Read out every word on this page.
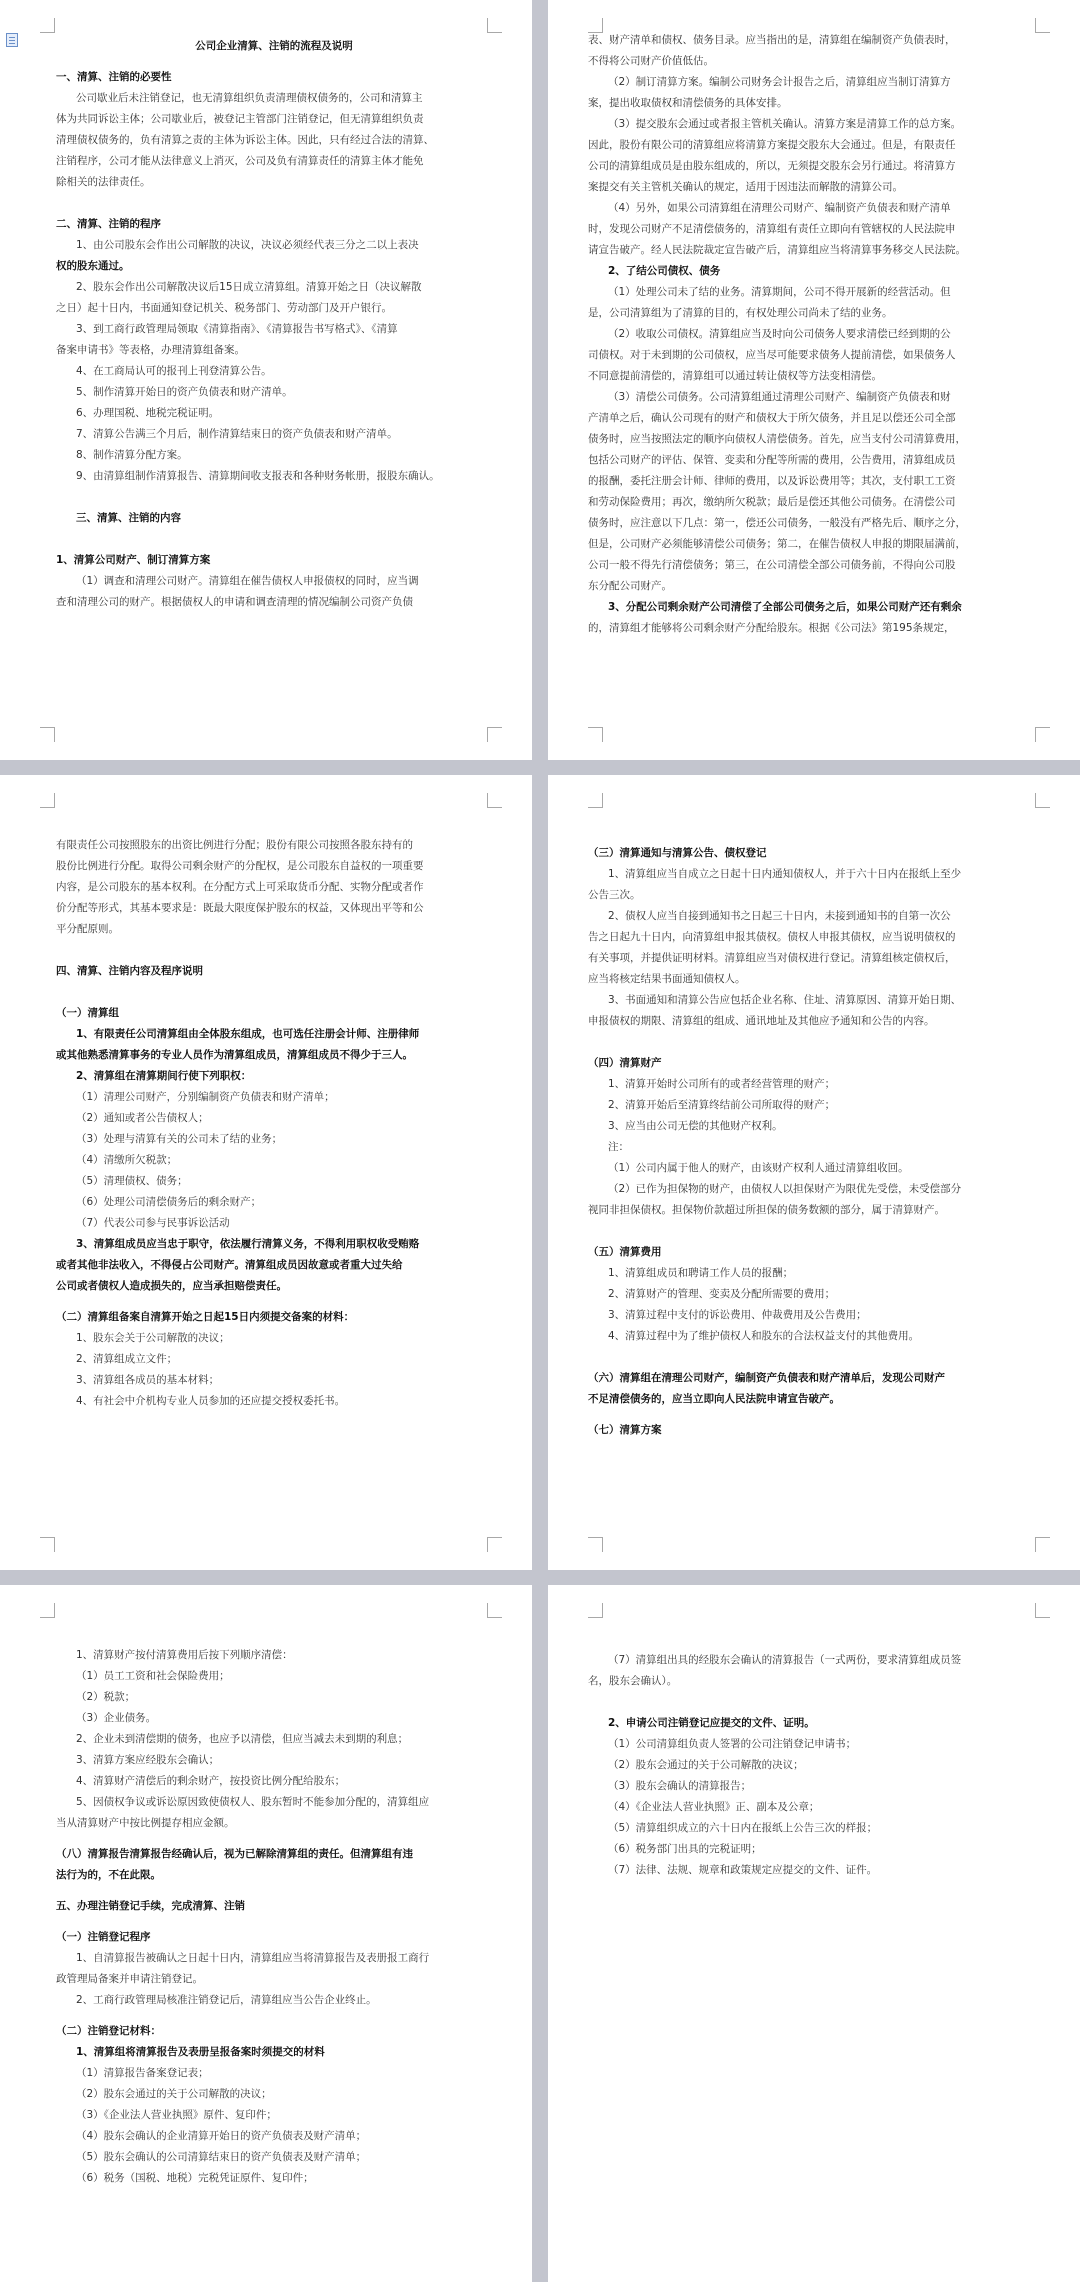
公司企业清算、注销的流程及说明
一、清算、注销的必要性
公司歇业后未注销登记，也无清算组织负责清理债权债务的，公司和清算主
体为共同诉讼主体；公司歇业后，被登记主管部门注销登记，但无清算组织负责
清理债权债务的，负有清算之责的主体为诉讼主体。因此，只有经过合法的清算、
注销程序，公司才能从法律意义上消灭，公司及负有清算责任的清算主体才能免
除相关的法律责任。
二、清算、注销的程序
1、由公司股东会作出公司解散的决议，决议必须经代表三分之二以上表决
权的股东通过。
2、股东会作出公司解散决议后15日成立清算组。清算开始之日（决议解散
之日）起十日内，书面通知登记机关、税务部门、劳动部门及开户银行。
3、到工商行政管理局领取《清算指南》、《清算报告书写格式》、《清算
备案申请书》等表格，办理清算组备案。
4、在工商局认可的报刊上刊登清算公告。
5、制作清算开始日的资产负债表和财产清单。
6、办理国税、地税完税证明。
7、清算公告满三个月后，制作清算结束日的资产负债表和财产清单。
8、制作清算分配方案。
9、由清算组制作清算报告、清算期间收支报表和各种财务帐册，报股东确认。
三、清算、注销的内容
1、清算公司财产、制订清算方案
（1）调查和清理公司财产。清算组在催告债权人申报债权的同时，应当调
查和清理公司的财产。根据债权人的申请和调查清理的情况编制公司资产负债
表、财产清单和债权、债务目录。应当指出的是，清算组在编制资产负债表时，
不得将公司财产价值低估。
（2）制订清算方案。编制公司财务会计报告之后，清算组应当制订清算方
案，提出收取债权和清偿债务的具体安排。
（3）提交股东会通过或者报主管机关确认。清算方案是清算工作的总方案。
因此，股份有限公司的清算组应将清算方案提交股东大会通过。但是，有限责任
公司的清算组成员是由股东组成的，所以，无须提交股东会另行通过。将清算方
案提交有关主管机关确认的规定，适用于因违法而解散的清算公司。
（4）另外，如果公司清算组在清理公司财产、编制资产负债表和财产清单
时，发现公司财产不足清偿债务的，清算组有责任立即向有管辖权的人民法院申
请宣告破产。经人民法院裁定宣告破产后，清算组应当将清算事务移交人民法院。
2、了结公司债权、债务
（1）处理公司未了结的业务。清算期间，公司不得开展新的经营活动。但
是，公司清算组为了清算的目的，有权处理公司尚未了结的业务。
（2）收取公司债权。清算组应当及时向公司债务人要求清偿已经到期的公
司债权。对于未到期的公司债权，应当尽可能要求债务人提前清偿，如果债务人
不同意提前清偿的，清算组可以通过转让债权等方法变相清偿。
（3）清偿公司债务。公司清算组通过清理公司财产、编制资产负债表和财
产清单之后，确认公司现有的财产和债权大于所欠债务，并且足以偿还公司全部
债务时，应当按照法定的顺序向债权人清偿债务。首先，应当支付公司清算费用，
包括公司财产的评估、保管、变卖和分配等所需的费用，公告费用，清算组成员
的报酬，委托注册会计师、律师的费用，以及诉讼费用等；其次，支付职工工资
和劳动保险费用；再次，缴纳所欠税款；最后是偿还其他公司债务。在清偿公司
债务时，应注意以下几点：第一，偿还公司债务，一般没有严格先后、顺序之分，
但是，公司财产必须能够清偿公司债务；第二，在催告债权人申报的期限届满前，
公司一般不得先行清偿债务；第三，在公司清偿全部公司债务前，不得向公司股
东分配公司财产。
3、分配公司剩余财产公司清偿了全部公司债务之后，如果公司财产还有剩余
的，清算组才能够将公司剩余财产分配给股东。根据《公司法》第195条规定，
有限责任公司按照股东的出资比例进行分配；股份有限公司按照各股东持有的
股份比例进行分配。取得公司剩余财产的分配权，是公司股东自益权的一项重要
内容，是公司股东的基本权利。在分配方式上可采取货币分配、实物分配或者作
价分配等形式，其基本要求是：既最大限度保护股东的权益，又体现出平等和公
平分配原则。
四、清算、注销内容及程序说明
（一）清算组
1、有限责任公司清算组由全体股东组成，也可选任注册会计师、注册律师
或其他熟悉清算事务的专业人员作为清算组成员，清算组成员不得少于三人。
2、清算组在清算期间行使下列职权：
（1）清理公司财产，分别编制资产负债表和财产清单；
（2）通知或者公告债权人；
（3）处理与清算有关的公司未了结的业务；
（4）清缴所欠税款；
（5）清理债权、债务；
（6）处理公司清偿债务后的剩余财产；
（7）代表公司参与民事诉讼活动
3、清算组成员应当忠于职守，依法履行清算义务，不得利用职权收受贿赂
或者其他非法收入，不得侵占公司财产。清算组成员因故意或者重大过失给
公司或者债权人造成损失的，应当承担赔偿责任。
（二）清算组备案自清算开始之日起15日内须提交备案的材料：
1、股东会关于公司解散的决议；
2、清算组成立文件；
3、清算组各成员的基本材料；
4、有社会中介机构专业人员参加的还应提交授权委托书。
（三）清算通知与清算公告、债权登记
1、清算组应当自成立之日起十日内通知债权人，并于六十日内在报纸上至少
公告三次。
2、债权人应当自接到通知书之日起三十日内，未接到通知书的自第一次公
告之日起九十日内，向清算组申报其债权。债权人申报其债权，应当说明债权的
有关事项，并提供证明材料。清算组应当对债权进行登记。清算组核定债权后，
应当将核定结果书面通知债权人。
3、书面通知和清算公告应包括企业名称、住址、清算原因、清算开始日期、
申报债权的期限、清算组的组成、通讯地址及其他应予通知和公告的内容。
（四）清算财产
1、清算开始时公司所有的或者经营管理的财产；
2、清算开始后至清算终结前公司所取得的财产；
3、应当由公司无偿的其他财产权利。
注：
（1）公司内属于他人的财产，由该财产权利人通过清算组收回。
（2）已作为担保物的财产，由债权人以担保财产为限优先受偿，未受偿部分
视同非担保债权。担保物价款超过所担保的债务数额的部分，属于清算财产。
（五）清算费用
1、清算组成员和聘请工作人员的报酬；
2、清算财产的管理、变卖及分配所需要的费用；
3、清算过程中支付的诉讼费用、仲裁费用及公告费用；
4、清算过程中为了维护债权人和股东的合法权益支付的其他费用。
（六）清算组在清理公司财产，编制资产负债表和财产清单后，发现公司财产
不足清偿债务的，应当立即向人民法院申请宣告破产。
（七）清算方案
1、清算财产按付清算费用后按下列顺序清偿：
（1）员工工资和社会保险费用；
（2）税款；
（3）企业债务。
2、企业未到清偿期的债务，也应予以清偿，但应当减去未到期的利息；
3、清算方案应经股东会确认；
4、清算财产清偿后的剩余财产，按投资比例分配给股东；
5、因债权争议或诉讼原因致使债权人、股东暂时不能参加分配的，清算组应
当从清算财产中按比例提存相应金额。
（八）清算报告清算报告经确认后，视为已解除清算组的责任。但清算组有违
法行为的，不在此限。
五、办理注销登记手续，完成清算、注销
（一）注销登记程序
1、自清算报告被确认之日起十日内，清算组应当将清算报告及表册报工商行
政管理局备案并申请注销登记。
2、工商行政管理局核准注销登记后，清算组应当公告企业终止。
（二）注销登记材料：
1、清算组将清算报告及表册呈报备案时须提交的材料
（1）清算报告备案登记表；
（2）股东会通过的关于公司解散的决议；
（3）《企业法人营业执照》原件、复印件；
（4）股东会确认的企业清算开始日的资产负债表及财产清单；
（5）股东会确认的公司清算结束日的资产负债表及财产清单；
（6）税务（国税、地税）完税凭证原件、复印件；
（7）清算组出具的经股东会确认的清算报告（一式两份，要求清算组成员签
名，股东会确认）。
2、申请公司注销登记应提交的文件、证明。
（1）公司清算组负责人签署的公司注销登记申请书；
（2）股东会通过的关于公司解散的决议；
（3）股东会确认的清算报告；
（4）《企业法人营业执照》正、副本及公章；
（5）清算组织成立的六十日内在报纸上公告三次的样报；
（6）税务部门出具的完税证明；
（7）法律、法规、规章和政策规定应提交的文件、证件。
